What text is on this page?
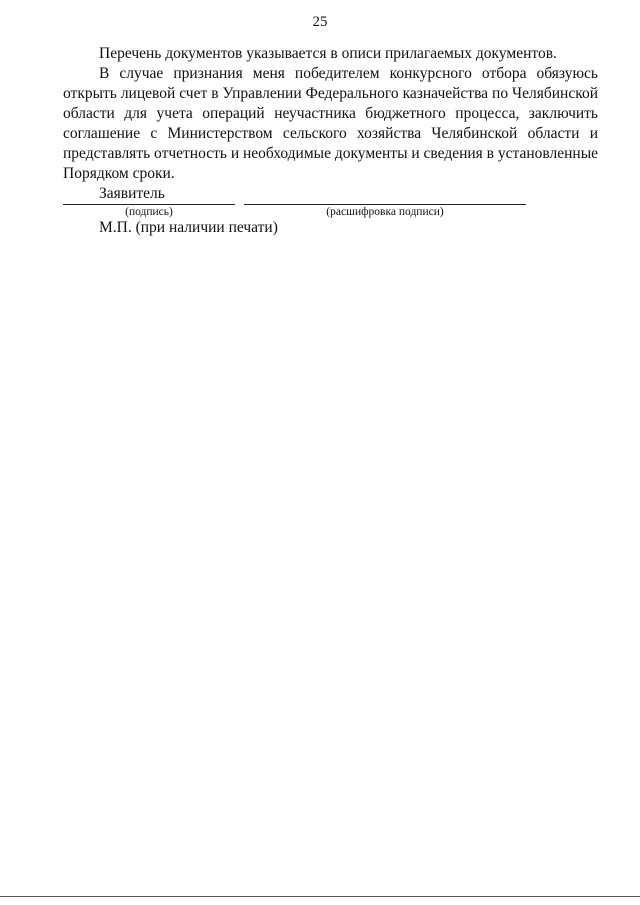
25

Перечень документов указывается в описи прилагаемых документов.

В случае признания меня победителем конкурсного отбора обязуюсь открыть лицевой счет в Управлении Федерального казначейства по Челябинской области для учета операций неучастника бюджетного процесса, заключить соглашение с Министерством сельского хозяйства Челябинской области и представлять отчетность и необходимые документы и сведения в установленные Порядком сроки.

Заявитель

(подпись)	(расшифровка подписи)
М.П. (при наличии печати)
